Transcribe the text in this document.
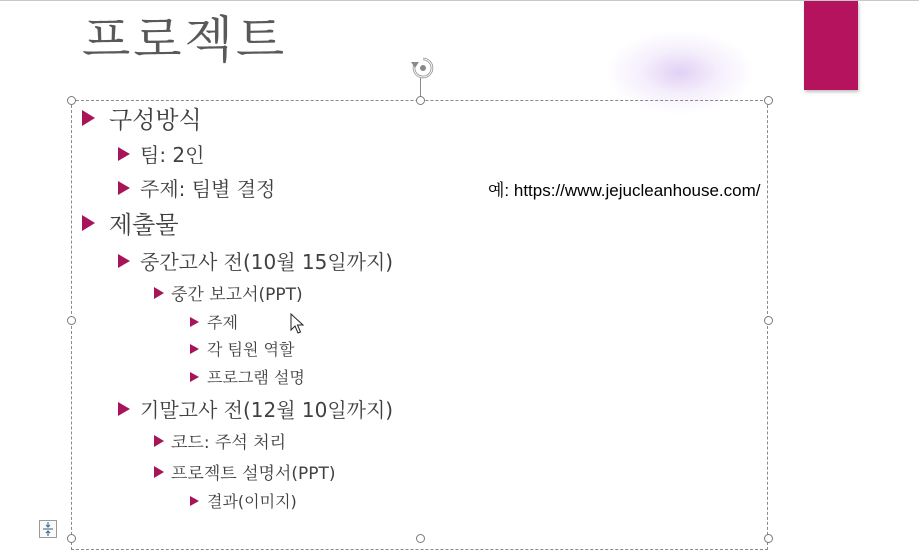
프로젝트
구성방식
팀: 2인
주제: 팀별 결정
제출물
중간고사 전(10월 15일까지)
중간 보고서(PPT)
주제
각 팀원 역할
프로그램 설명
기말고사 전(12월 10일까지)
코드: 주석 처리
프로젝트 설명서(PPT)
결과(이미지)
예: https://www.jejucleanhouse.com/
